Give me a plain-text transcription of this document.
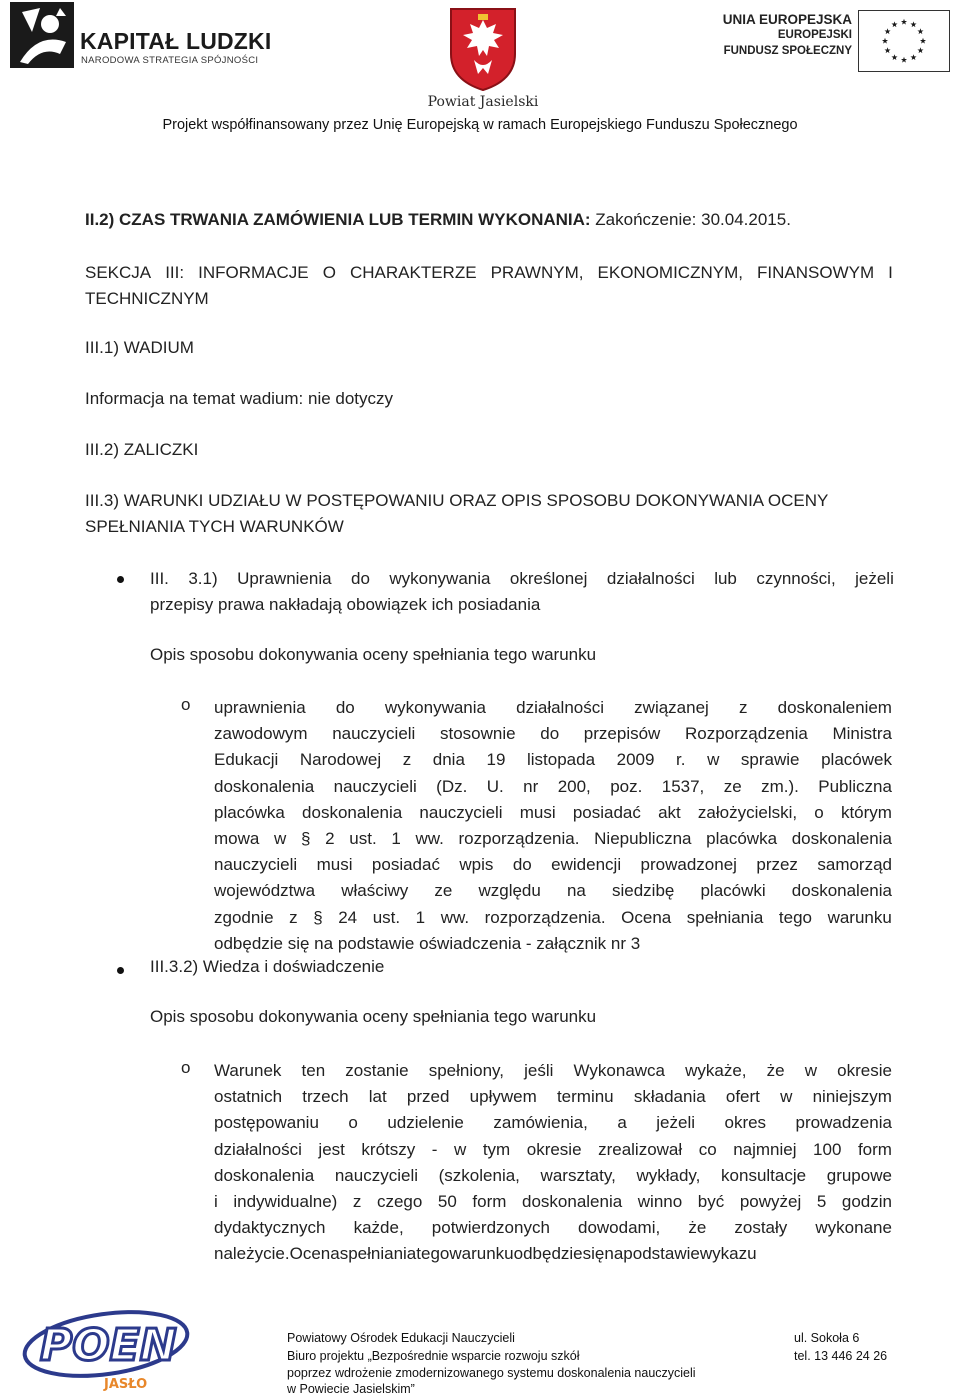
KAPITAŁ LUDZKI
NARODOWA STRATEGIA SPÓJNOŚCI
Powiat Jasielski
UNIA EUROPEJSKA
EUROPEJSKI
FUNDUSZ SPOŁECZNY
Projekt współfinansowany przez Unię Europejską w ramach Europejskiego Funduszu Społecznego
II.2) CZAS TRWANIA ZAMÓWIENIA LUB TERMIN WYKONANIA: Zakończenie: 30.04.2015.
SEKCJA III: INFORMACJE O CHARAKTERZE PRAWNYM, EKONOMICZNYM, FINANSOWYM I
TECHNICZNYM
III.1) WADIUM
Informacja na temat wadium: nie dotyczy
III.2) ZALICZKI
III.3) WARUNKI UDZIAŁU W POSTĘPOWANIU ORAZ OPIS SPOSOBU DOKONYWANIA OCENY
SPEŁNIANIA TYCH WARUNKÓW
III. 3.1) Uprawnienia do wykonywania określonej działalności lub czynności, jeżeli
przepisy prawa nakładają obowiązek ich posiadania
Opis sposobu dokonywania oceny spełniania tego warunku
o uprawnienia do wykonywania działalności związanej z doskonaleniem
zawodowym nauczycieli stosownie do przepisów Rozporządzenia Ministra
Edukacji Narodowej z dnia 19 listopada 2009 r. w sprawie placówek
doskonalenia nauczycieli (Dz. U. nr 200, poz. 1537, ze zm.). Publiczna
placówka doskonalenia nauczycieli musi posiadać akt założycielski, o którym
mowa w § 2 ust. 1 ww. rozporządzenia. Niepubliczna placówka doskonalenia
nauczycieli musi posiadać wpis do ewidencji prowadzonej przez samorząd
województwa właściwy ze względu na siedzibę placówki doskonalenia
zgodnie z § 24 ust. 1 ww. rozporządzenia. Ocena spełniania tego warunku
odbędzie się na podstawie oświadczenia - załącznik nr 3
III.3.2) Wiedza i doświadczenie
Opis sposobu dokonywania oceny spełniania tego warunku
o Warunek ten zostanie spełniony, jeśli Wykonawca wykaże, że w okresie
ostatnich trzech lat przed upływem terminu składania ofert w niniejszym
postępowaniu o udzielenie zamówienia, a jeżeli okres prowadzenia
działalności jest krótszy - w tym okresie zrealizował co najmniej 100 form
doskonalenia nauczycieli (szkolenia, warsztaty, wykłady, konsultacje grupowe
i indywidualne) z czego 50 form doskonalenia winno być powyżej 5 godzin
dydaktycznych każde, potwierdzonych dowodami, że zostały wykonane
należycie. Ocena spełniania tego warunku odbędzie się na podstawie wykazu
POEN
JASŁO
Powiatowy Ośrodek Edukacji Nauczycieli	ul. Sokoła 6
Biuro projektu „Bezpośrednie wsparcie rozwoju szkół	tel. 13 446 24 26
poprzez wdrożenie zmodernizowanego systemu doskonalenia nauczycieli
w Powiecie Jasielskim”
